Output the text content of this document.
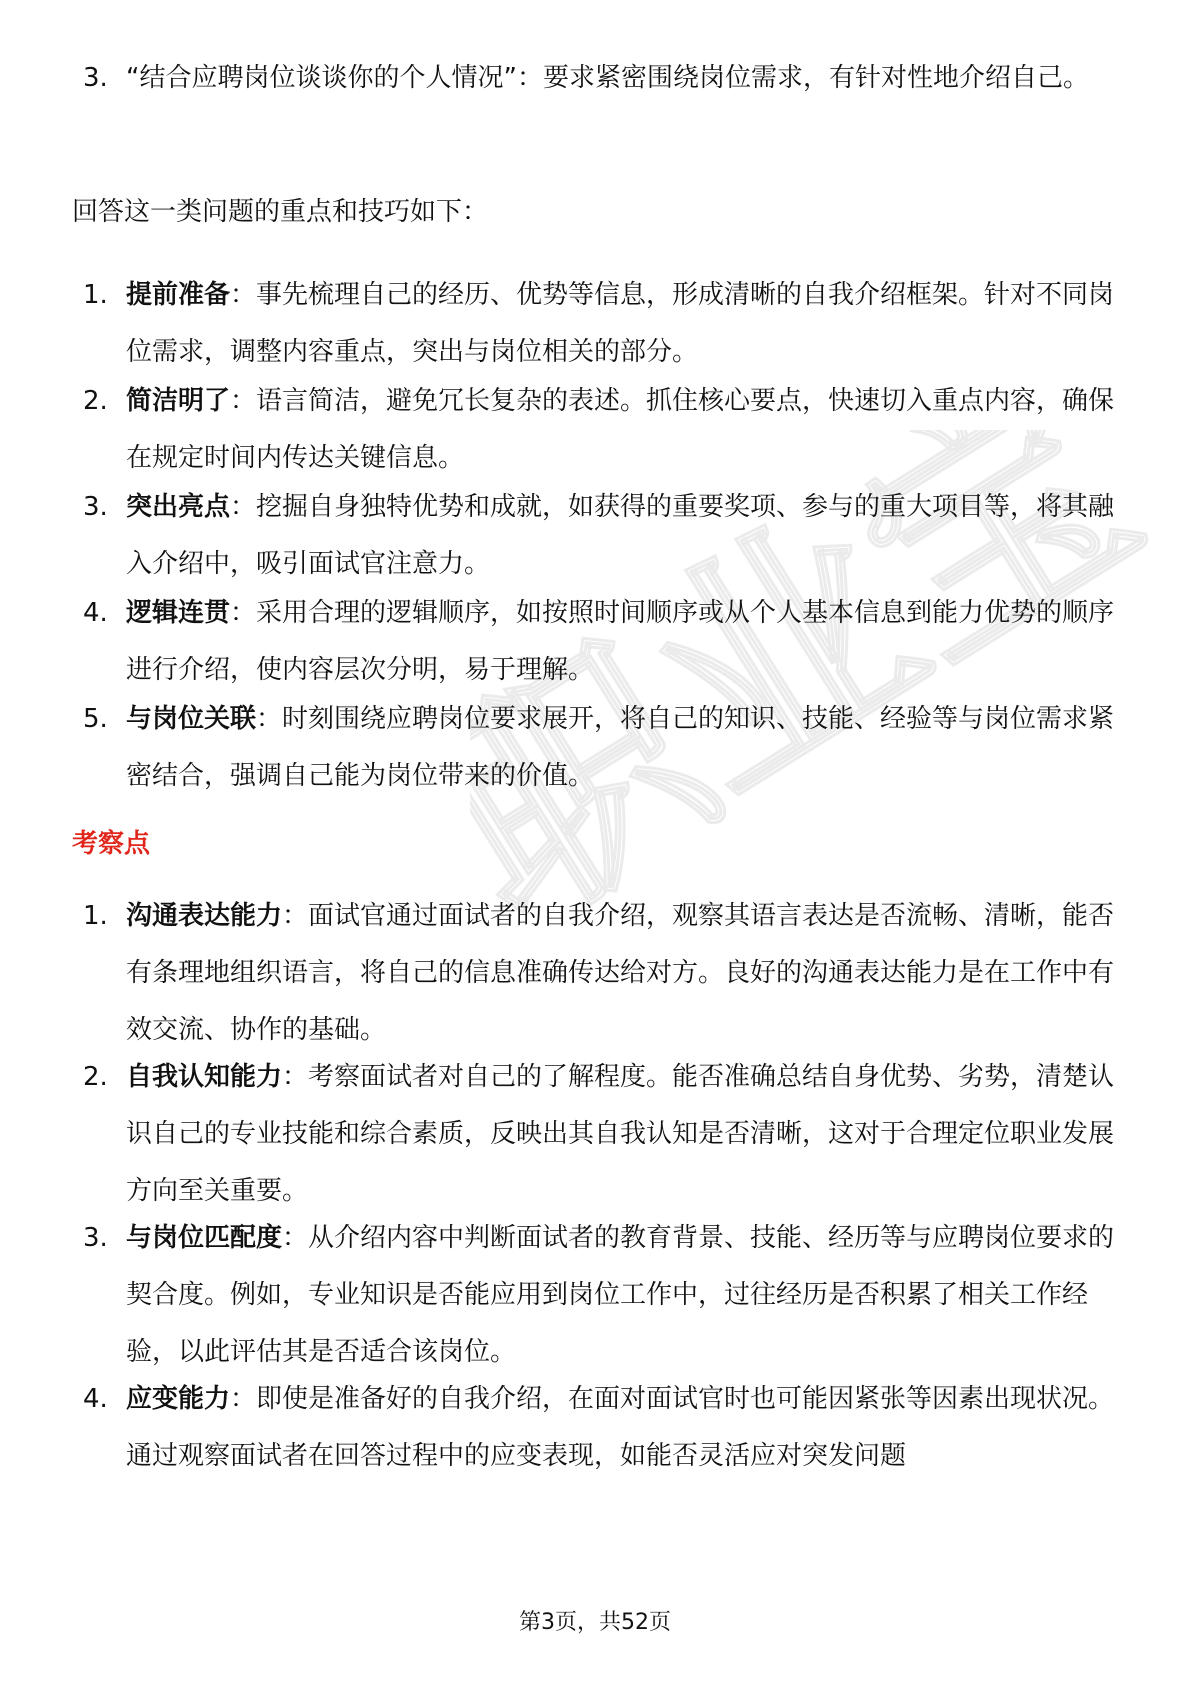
职业宝
3. “结合应聘岗位谈谈你的个人情况”：要求紧密围绕岗位需求，有针对性地介绍自己。
回答这一类问题的重点和技巧如下：
1. 提前准备：事先梳理自己的经历、优势等信息，形成清晰的自我介绍框架。针对不同岗位需求，调整内容重点，突出与岗位相关的部分。
2. 简洁明了：语言简洁，避免冗长复杂的表述。抓住核心要点，快速切入重点内容，确保在规定时间内传达关键信息。
3. 突出亮点：挖掘自身独特优势和成就，如获得的重要奖项、参与的重大项目等，将其融入介绍中，吸引面试官注意力。
4. 逻辑连贯：采用合理的逻辑顺序，如按照时间顺序或从个人基本信息到能力优势的顺序进行介绍，使内容层次分明，易于理解。
5. 与岗位关联：时刻围绕应聘岗位要求展开，将自己的知识、技能、经验等与岗位需求紧密结合，强调自己能为岗位带来的价值。
考察点
1. 沟通表达能力：面试官通过面试者的自我介绍，观察其语言表达是否流畅、清晰，能否有条理地组织语言，将自己的信息准确传达给对方。良好的沟通表达能力是在工作中有效交流、协作的基础。
2. 自我认知能力：考察面试者对自己的了解程度。能否准确总结自身优势、劣势，清楚认识自己的专业技能和综合素质，反映出其自我认知是否清晰，这对于合理定位职业发展方向至关重要。
3. 与岗位匹配度：从介绍内容中判断面试者的教育背景、技能、经历等与应聘岗位要求的契合度。例如，专业知识是否能应用到岗位工作中，过往经历是否积累了相关工作经验，以此评估其是否适合该岗位。
4. 应变能力：即使是准备好的自我介绍，在面对面试官时也可能因紧张等因素出现状况。通过观察面试者在回答过程中的应变表现，如能否灵活应对突发问题
第3页，共52页
